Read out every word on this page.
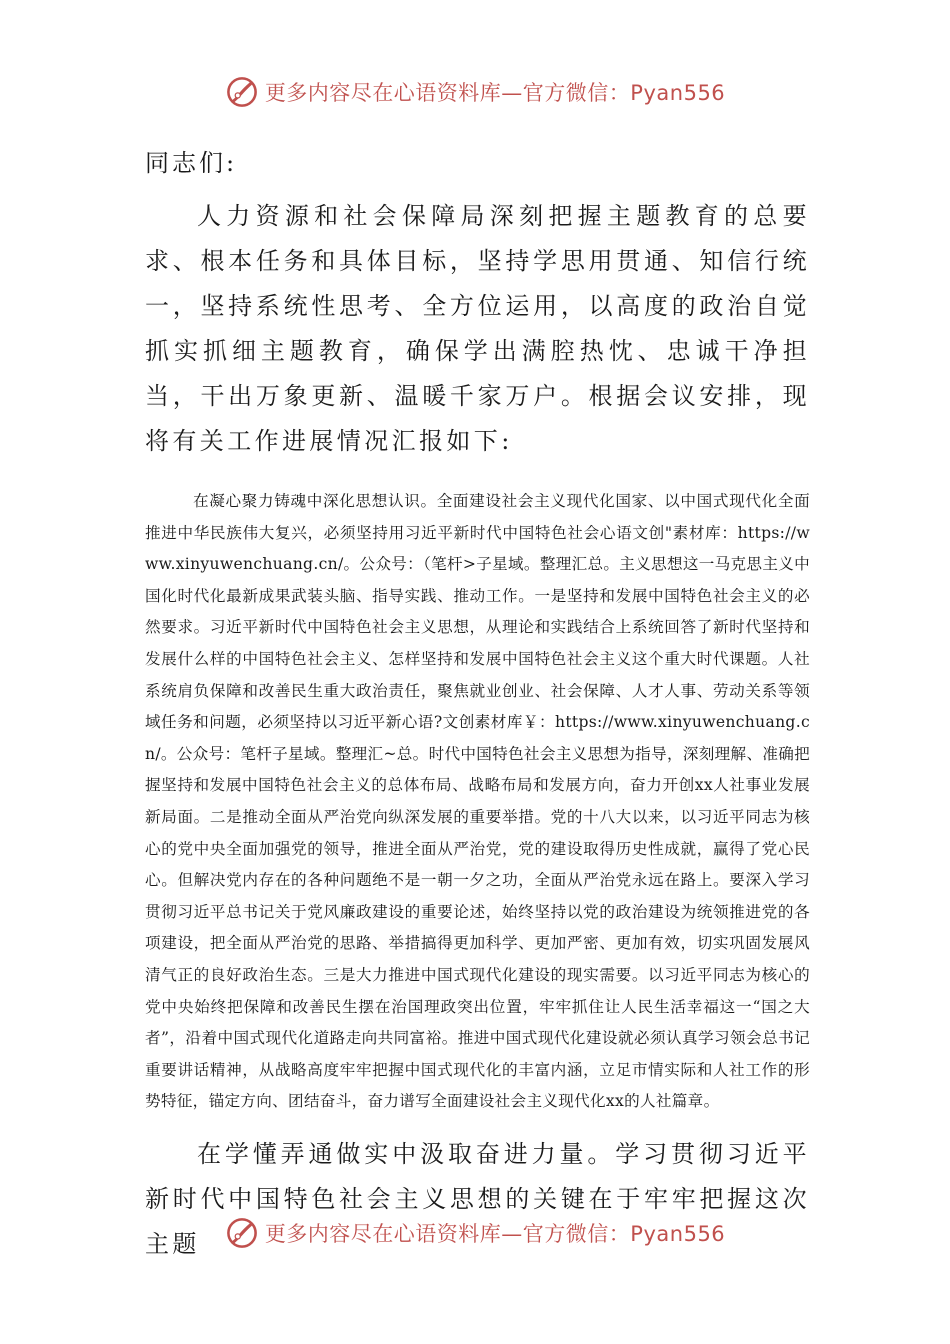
更多内容尽在心语资料库—官方微信：Pyan556

同志们:

人力资源和社会保障局深刻把握主题教育的总要求、根本任务和具体目标，坚持学思用贯通、知信行统一，坚持系统性思考、全方位运用，以高度的政治自觉抓实抓细主题教育，确保学出满腔热忱、忠诚干净担当，干出万象更新、温暖千家万户。根据会议安排，现将有关工作进展情况汇报如下:

在凝心聚力铸魂中深化思想认识。全面建设社会主义现代化国家、以中国式现代化全面推进中华民族伟大复兴，必须坚持用习近平新时代中国特色社会心语文创"素材库：https://www.xinyuwenchuang.cn/。公众号：（笔杆>子星域。整理汇总。主义思想这一马克思主义中国化时代化最新成果武装头脑、指导实践、推动工作。一是坚持和发展中国特色社会主义的必然要求。习近平新时代中国特色社会主义思想，从理论和实践结合上系统回答了新时代坚持和发展什么样的中国特色社会主义、怎样坚持和发展中国特色社会主义这个重大时代课题。人社系统肩负保障和改善民生重大政治责任，聚焦就业创业、社会保障、人才人事、劳动关系等领域任务和问题，必须坚持以习近平新心语?文创素材库￥：https://www.xinyuwenchuang.cn/。公众号：笔杆子星域。整理汇~总。时代中国特色社会主义思想为指导，深刻理解、准确把握坚持和发展中国特色社会主义的总体布局、战略布局和发展方向，奋力开创xx人社事业发展新局面。二是推动全面从严治党向纵深发展的重要举措。党的十八大以来，以习近平同志为核心的党中央全面加强党的领导，推进全面从严治党，党的建设取得历史性成就，赢得了党心民心。但解决党内存在的各种问题绝不是一朝一夕之功，全面从严治党永远在路上。要深入学习贯彻习近平总书记关于党风廉政建设的重要论述，始终坚持以党的政治建设为统领推进党的各项建设，把全面从严治党的思路、举措搞得更加科学、更加严密、更加有效，切实巩固发展风清气正的良好政治生态。三是大力推进中国式现代化建设的现实需要。以习近平同志为核心的党中央始终把保障和改善民生摆在治国理政突出位置，牢牢抓住让人民生活幸福这一“国之大者”，沿着中国式现代化道路走向共同富裕。推进中国式现代化建设就必须认真学习领会总书记重要讲话精神，从战略高度牢牢把握中国式现代化的丰富内涵，立足市情实际和人社工作的形势特征，锚定方向、团结奋斗，奋力谱写全面建设社会主义现代化xx的人社篇章。

在学懂弄通做实中汲取奋进力量。学习贯彻习近平新时代中国特色社会主义思想的关键在于牢牢把握这次主题	更多内容尽在心语资料库—官方微信：Pyan556
